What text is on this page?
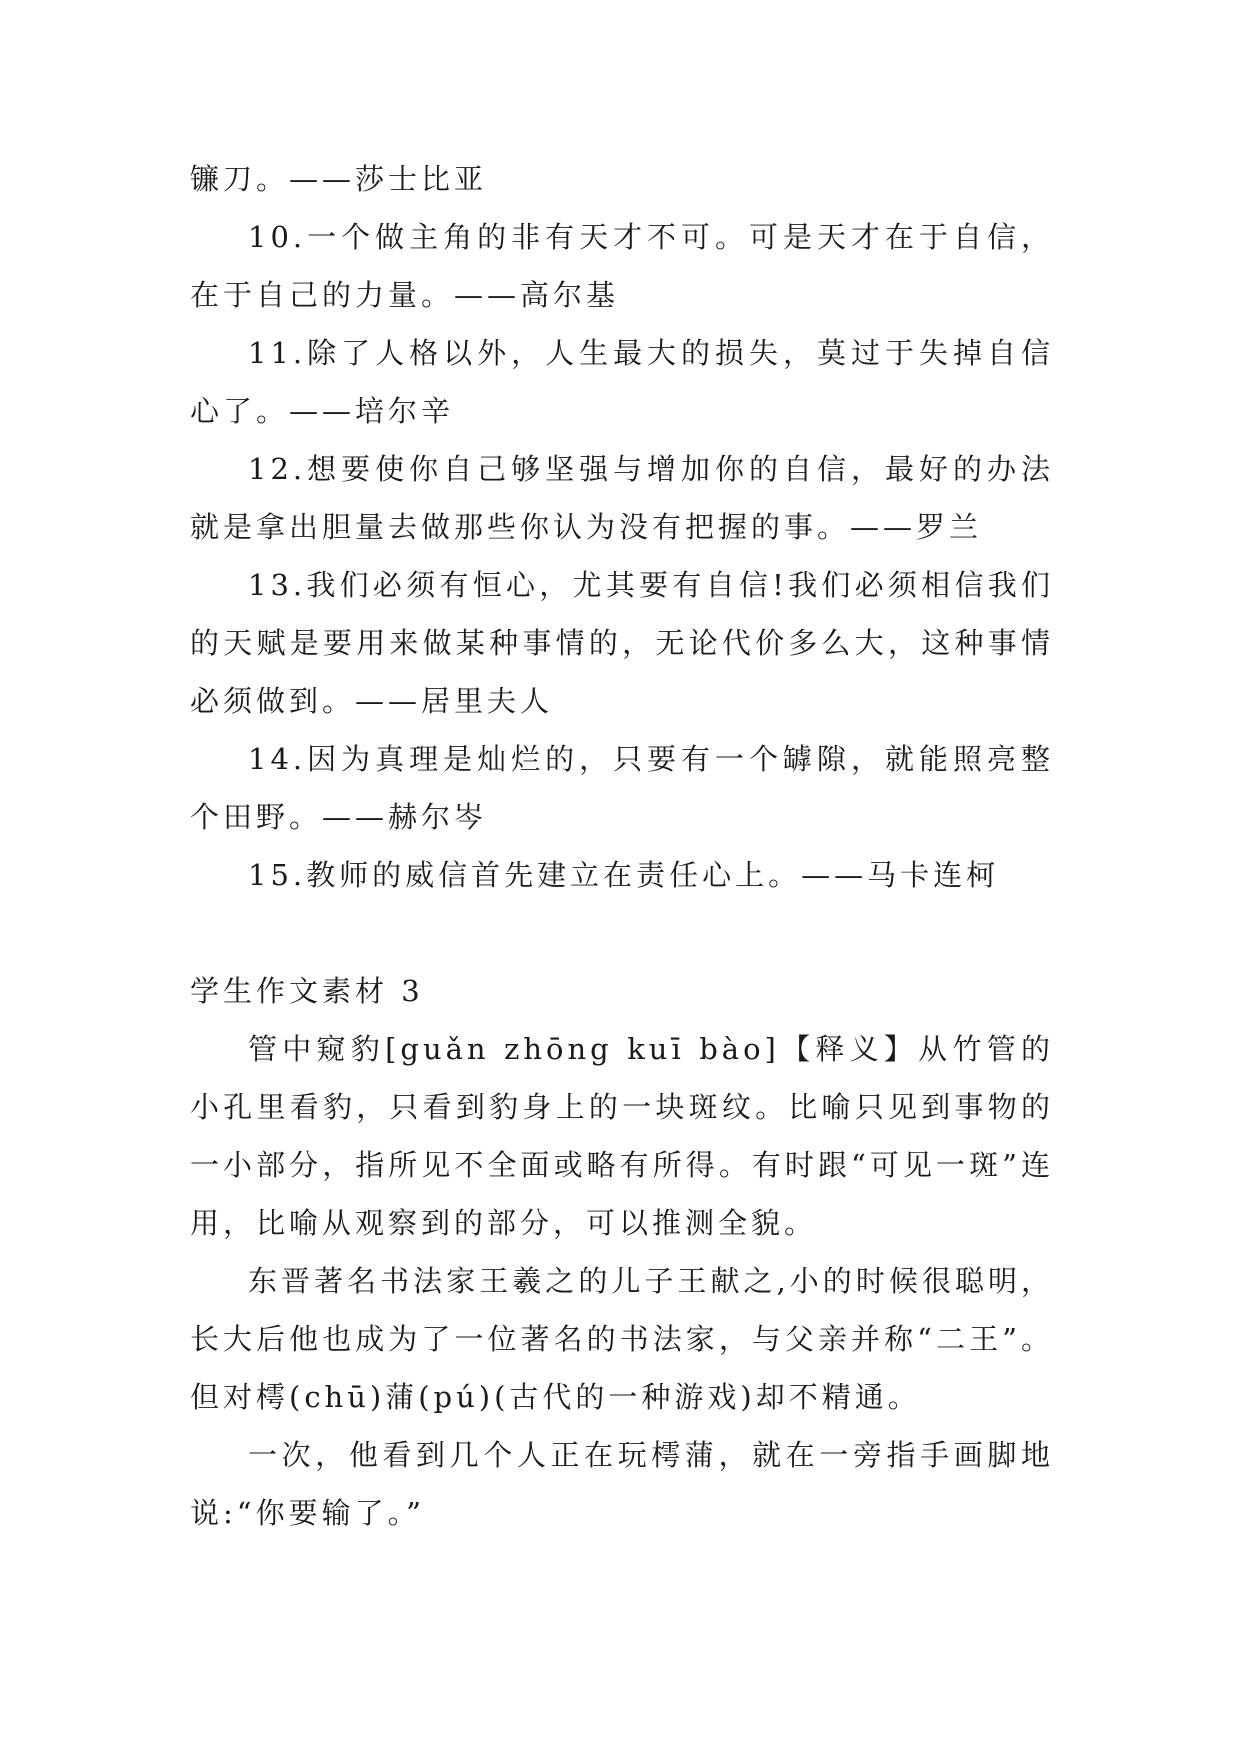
镰刀。——莎士比亚

10.一个做主角的非有天才不可。可是天才在于自信，在于自己的力量。——高尔基

11.除了人格以外，人生最大的损失，莫过于失掉自信心了。——培尔辛

12.想要使你自己够坚强与增加你的自信，最好的办法就是拿出胆量去做那些你认为没有把握的事。——罗兰

13.我们必须有恒心，尤其要有自信!我们必须相信我们的天赋是要用来做某种事情的，无论代价多么大，这种事情必须做到。——居里夫人

14.因为真理是灿烂的，只要有一个罅隙，就能照亮整个田野。——赫尔岑

15.教师的威信首先建立在责任心上。——马卡连柯

学生作文素材 3

管中窥豹[guǎn zhōng kuī bào]【释义】从竹管的小孔里看豹，只看到豹身上的一块斑纹。比喻只见到事物的一小部分，指所见不全面或略有所得。有时跟“可见一斑”连用，比喻从观察到的部分，可以推测全貌。

东晋著名书法家王羲之的儿子王献之,小的时候很聪明，长大后他也成为了一位著名的书法家，与父亲并称“二王”。但对樗(chū)蒲(pú)(古代的一种游戏)却不精通。

一次，他看到几个人正在玩樗蒲，就在一旁指手画脚地说:“你要输了。”
